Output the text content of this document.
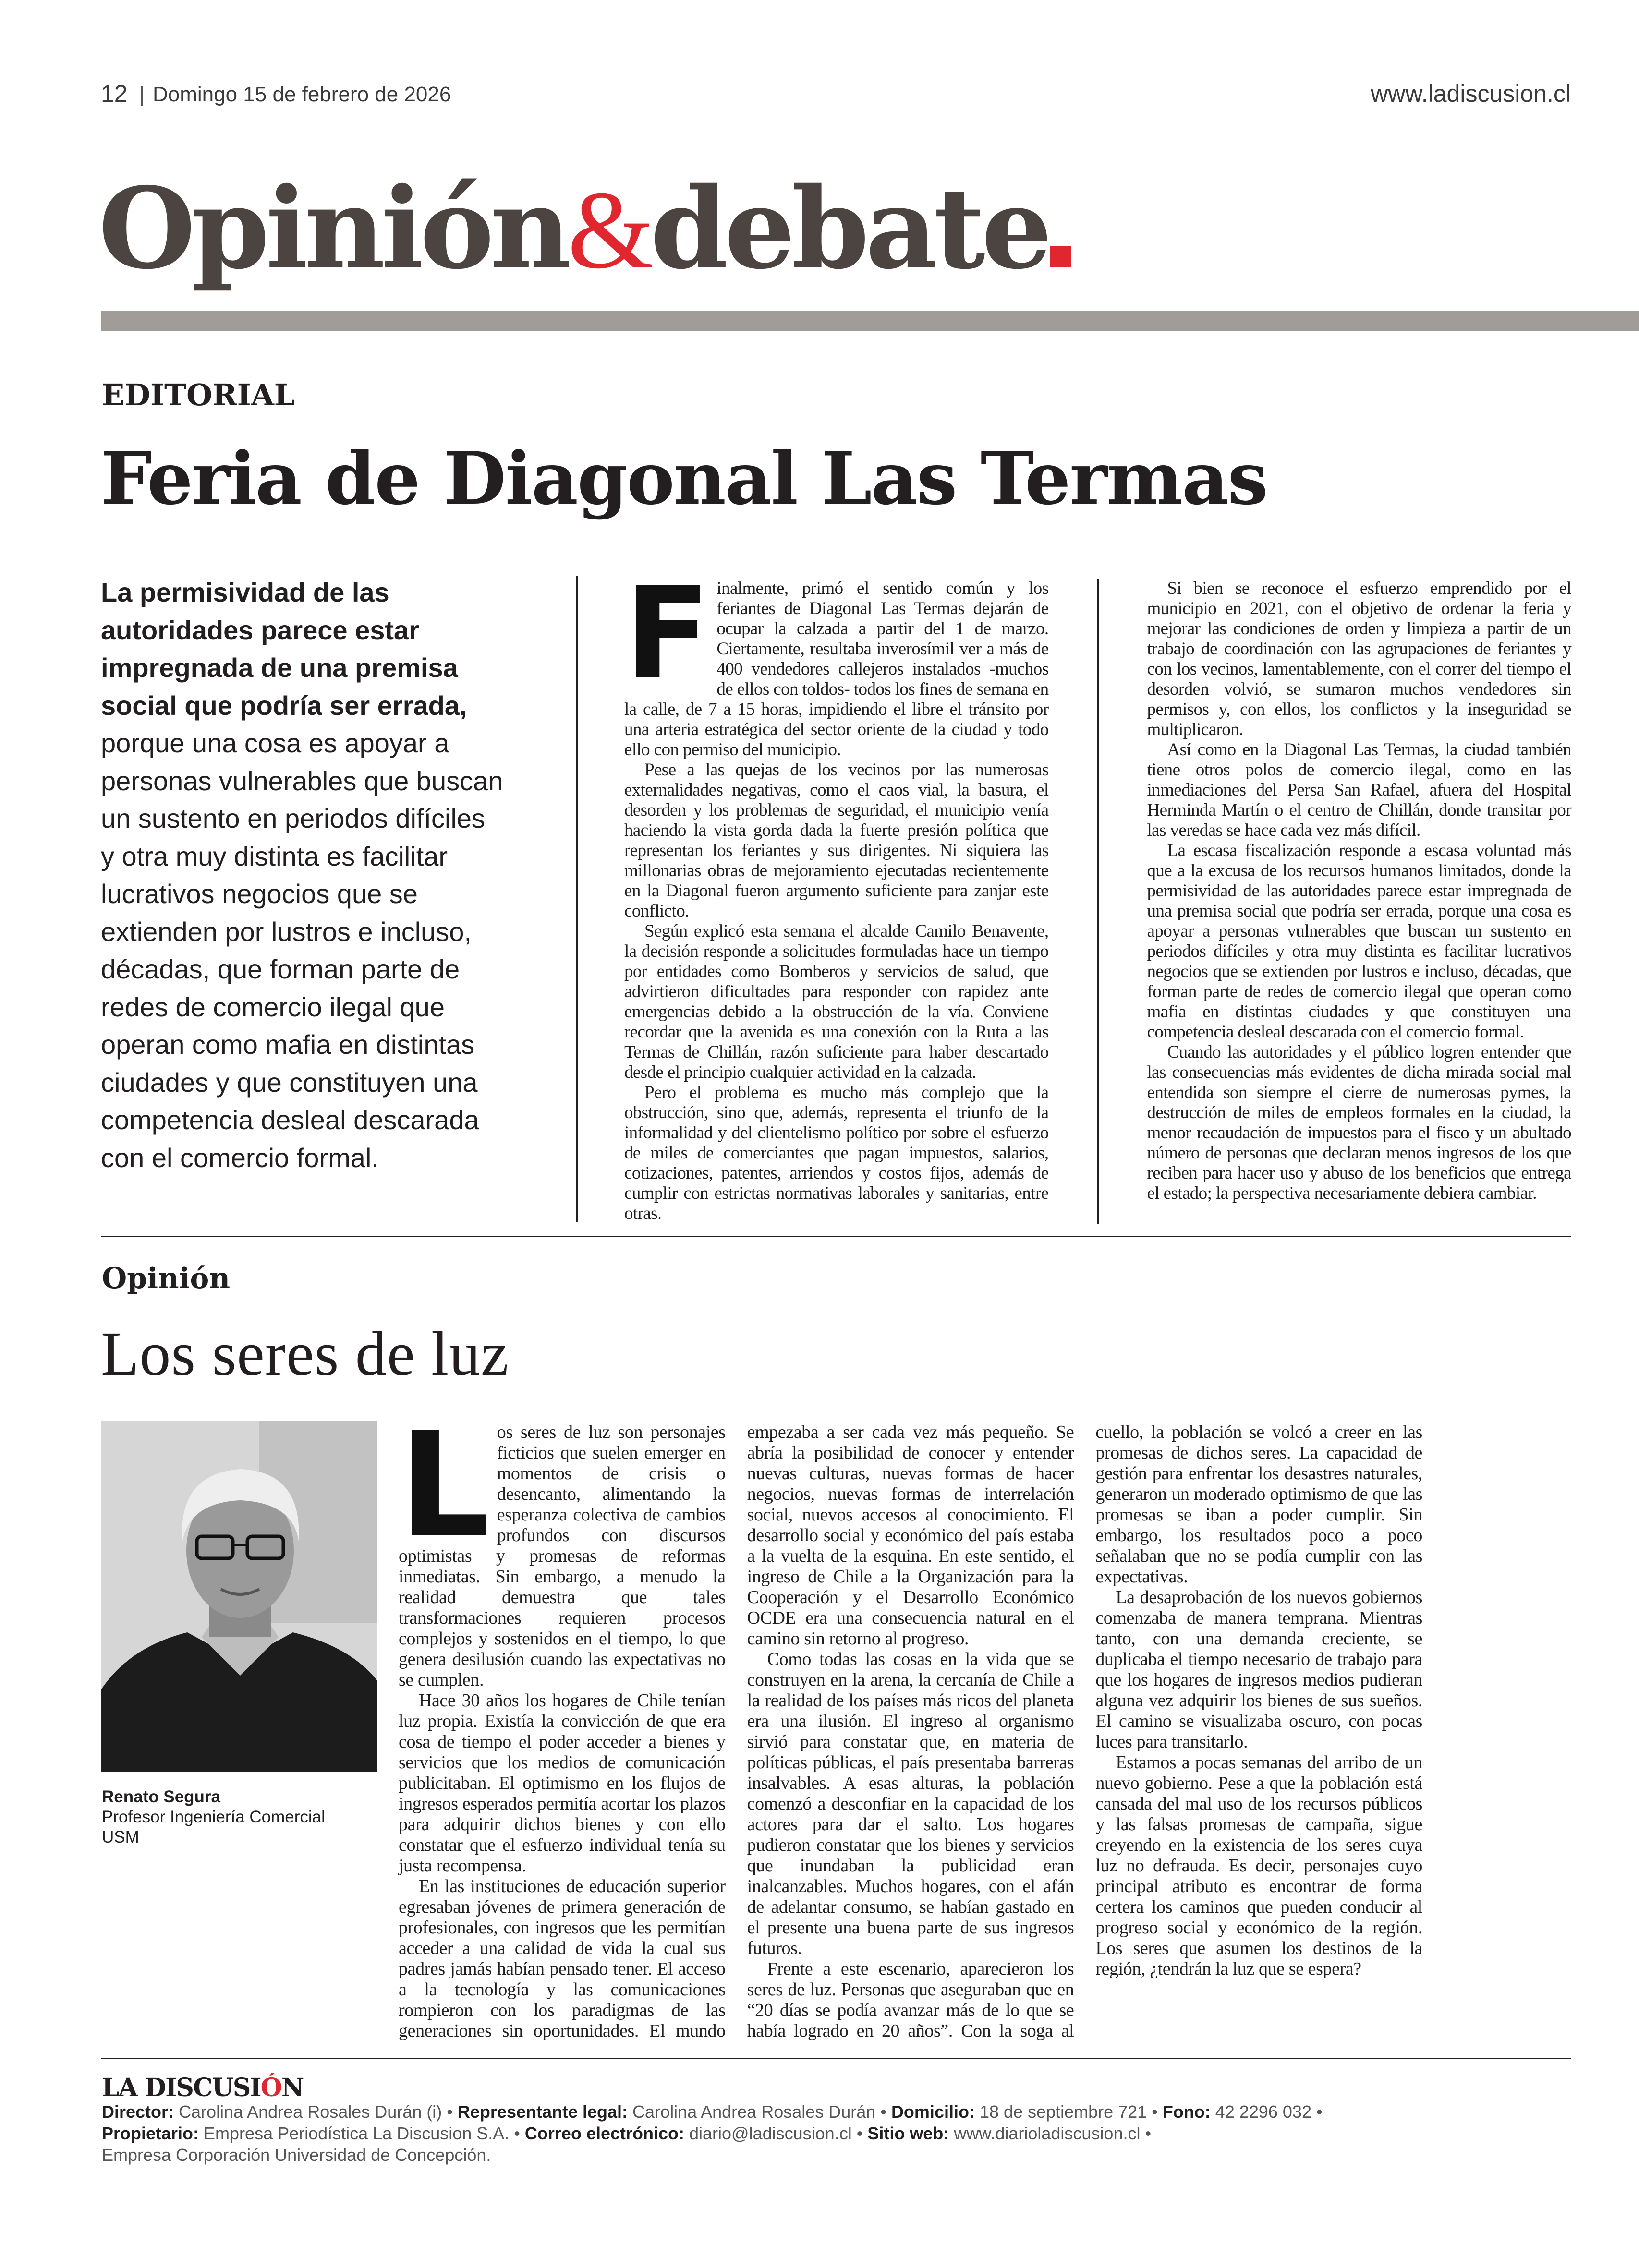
12 | Domingo 15 de febrero de 2026	www.ladiscusion.cl
Opinión&debate
EDITORIAL
Feria de Diagonal Las Termas
La permisividad de las autoridades parece estar impregnada de una premisa social que podría ser errada, porque una cosa es apoyar a personas vulnerables que buscan un sustento en periodos difíciles y otra muy distinta es facilitar lucrativos negocios que se extienden por lustros e incluso, décadas, que forman parte de redes de comercio ilegal que operan como mafia en distintas ciudades y que constituyen una competencia desleal descarada con el comercio formal.

Finalmente, primó el sentido común y los feriantes de Diagonal Las Termas dejarán de ocupar la calzada a partir del 1 de marzo. Ciertamente, resultaba inverosímil ver a más de 400 vendedores callejeros instalados -muchos de ellos con toldos- todos los fines de semana en la calle, de 7 a 15 horas, impidiendo el libre el tránsito por una arteria estratégica del sector oriente de la ciudad y todo ello con permiso del municipio.

Pese a las quejas de los vecinos por las numerosas externalidades negativas, como el caos vial, la basura, el desorden y los problemas de seguridad, el municipio venía haciendo la vista gorda dada la fuerte presión política que representan los feriantes y sus dirigentes. Ni siquiera las millonarias obras de mejoramiento ejecutadas recientemente en la Diagonal fueron argumento suficiente para zanjar este conflicto.

Según explicó esta semana el alcalde Camilo Benavente, la decisión responde a solicitudes formuladas hace un tiempo por entidades como Bomberos y servicios de salud, que advirtieron dificultades para responder con rapidez ante emergencias debido a la obstrucción de la vía. Conviene recordar que la avenida es una conexión con la Ruta a las Termas de Chillán, razón suficiente para haber descartado desde el principio cualquier actividad en la calzada.

Pero el problema es mucho más complejo que la obstrucción, sino que, además, representa el triunfo de la informalidad y del clientelismo político por sobre el esfuerzo de miles de comerciantes que pagan impuestos, salarios, cotizaciones, patentes, arriendos y costos fijos, además de cumplir con estrictas normativas laborales y sanitarias, entre otras.

Si bien se reconoce el esfuerzo emprendido por el municipio en 2021, con el objetivo de ordenar la feria y mejorar las condiciones de orden y limpieza a partir de un trabajo de coordinación con las agrupaciones de feriantes y con los vecinos, lamentablemente, con el correr del tiempo el desorden volvió, se sumaron muchos vendedores sin permisos y, con ellos, los conflictos y la inseguridad se multiplicaron.

Así como en la Diagonal Las Termas, la ciudad también tiene otros polos de comercio ilegal, como en las inmediaciones del Persa San Rafael, afuera del Hospital Herminda Martín o el centro de Chillán, donde transitar por las veredas se hace cada vez más difícil.

La escasa fiscalización responde a escasa voluntad más que a la excusa de los recursos humanos limitados, donde la permisividad de las autoridades parece estar impregnada de una premisa social que podría ser errada, porque una cosa es apoyar a personas vulnerables que buscan un sustento en periodos difíciles y otra muy distinta es facilitar lucrativos negocios que se extienden por lustros e incluso, décadas, que forman parte de redes de comercio ilegal que operan como mafia en distintas ciudades y que constituyen una competencia desleal descarada con el comercio formal.

Cuando las autoridades y el público logren entender que las consecuencias más evidentes de dicha mirada social mal entendida son siempre el cierre de numerosas pymes, la destrucción de miles de empleos formales en la ciudad, la menor recaudación de impuestos para el fisco y un abultado número de personas que declaran menos ingresos de los que reciben para hacer uso y abuso de los beneficios que entrega el estado; la perspectiva necesariamente debiera cambiar.

Opinión
Los seres de luz
Renato Segura
Profesor Ingeniería Comercial
USM

Los seres de luz son personajes ficticios que suelen emerger en momentos de crisis o desencanto, alimentando la esperanza colectiva de cambios profundos con discursos optimistas y promesas de reformas inmediatas. Sin embargo, a menudo la realidad demuestra que tales transformaciones requieren procesos complejos y sostenidos en el tiempo, lo que genera desilusión cuando las expectativas no se cumplen.

Hace 30 años los hogares de Chile tenían luz propia. Existía la convicción de que era cosa de tiempo el poder acceder a bienes y servicios que los medios de comunicación publicitaban. El optimismo en los flujos de ingresos esperados permitía acortar los plazos para adquirir dichos bienes y con ello constatar que el esfuerzo individual tenía su justa recompensa.

En las instituciones de educación superior egresaban jóvenes de primera generación de profesionales, con ingresos que les permitían acceder a una calidad de vida la cual sus padres jamás habían pensado tener. El acceso a la tecnología y las comunicaciones rompieron con los paradigmas de las generaciones sin oportunidades. El mundo empezaba a ser cada vez más pequeño. Se abría la posibilidad de conocer y entender nuevas culturas, nuevas formas de hacer negocios, nuevas formas de interrelación social, nuevos accesos al conocimiento. El desarrollo social y económico del país estaba a la vuelta de la esquina. En este sentido, el ingreso de Chile a la Organización para la Cooperación y el Desarrollo Económico OCDE era una consecuencia natural en el camino sin retorno al progreso.

Como todas las cosas en la vida que se construyen en la arena, la cercanía de Chile a la realidad de los países más ricos del planeta era una ilusión. El ingreso al organismo sirvió para constatar que, en materia de políticas públicas, el país presentaba barreras insalvables. A esas alturas, la población comenzó a desconfiar en la capacidad de los actores para dar el salto. Los hogares pudieron constatar que los bienes y servicios que inundaban la publicidad eran inalcanzables. Muchos hogares, con el afán de adelantar consumo, se habían gastado en el presente una buena parte de sus ingresos futuros.

Frente a este escenario, aparecieron los seres de luz. Personas que aseguraban que en “20 días se podía avanzar más de lo que se había logrado en 20 años”. Con la soga al cuello, la población se volcó a creer en las promesas de dichos seres. La capacidad de gestión para enfrentar los desastres naturales, generaron un moderado optimismo de que las promesas se iban a poder cumplir. Sin embargo, los resultados poco a poco señalaban que no se podía cumplir con las expectativas.

La desaprobación de los nuevos gobiernos comenzaba de manera temprana. Mientras tanto, con una demanda creciente, se duplicaba el tiempo necesario de trabajo para que los hogares de ingresos medios pudieran alguna vez adquirir los bienes de sus sueños. El camino se visualizaba oscuro, con pocas luces para transitarlo.

Estamos a pocas semanas del arribo de un nuevo gobierno. Pese a que la población está cansada del mal uso de los recursos públicos y las falsas promesas de campaña, sigue creyendo en la existencia de los seres cuya luz no defrauda. Es decir, personajes cuyo principal atributo es encontrar de forma certera los caminos que pueden conducir al progreso social y económico de la región. Los seres que asumen los destinos de la región, ¿tendrán la luz que se espera?

LA DISCUSIÓN
Director: Carolina Andrea Rosales Durán (i) • Representante legal: Carolina Andrea Rosales Durán • Domicilio: 18 de septiembre 721 • Fono: 42 2296 032 •
Propietario: Empresa Periodística La Discusion S.A. • Correo electrónico: diario@ladiscusion.cl • Sitio web: www.diarioladiscusion.cl •
Empresa Corporación Universidad de Concepción.
